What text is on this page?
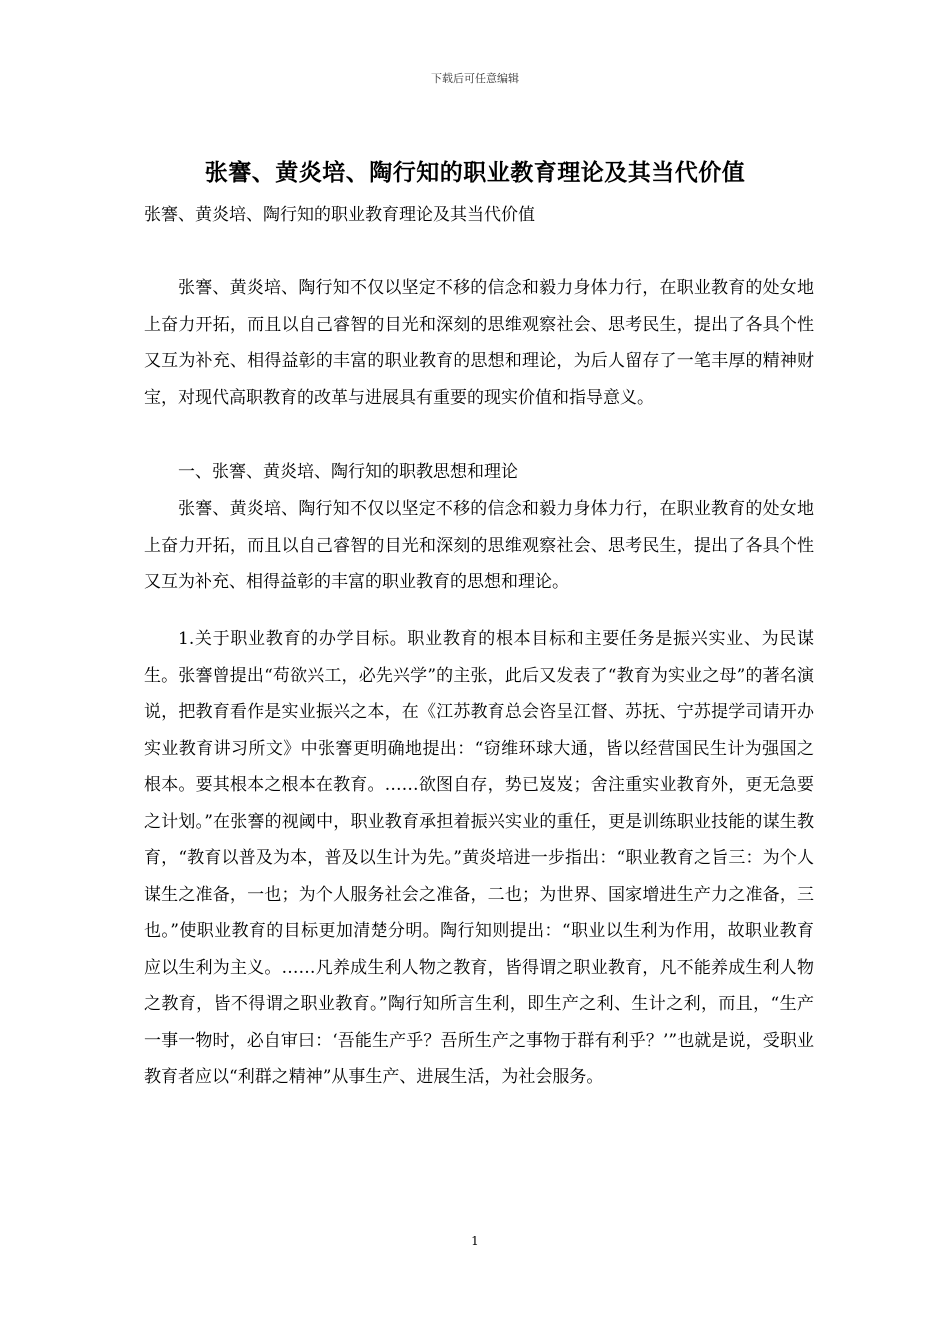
下载后可任意编辑
张謇、黄炎培、陶行知的职业教育理论及其当代价值
张謇、黄炎培、陶行知的职业教育理论及其当代价值

张謇、黄炎培、陶行知不仅以坚定不移的信念和毅力身体力行，在职业教育的处女地上奋力开拓，而且以自己睿智的目光和深刻的思维观察社会、思考民生，提出了各具个性又互为补充、相得益彰的丰富的职业教育的思想和理论，为后人留存了一笔丰厚的精神财宝，对现代高职教育的改革与进展具有重要的现实价值和指导意义。

一、张謇、黄炎培、陶行知的职教思想和理论

张謇、黄炎培、陶行知不仅以坚定不移的信念和毅力身体力行，在职业教育的处女地上奋力开拓，而且以自己睿智的目光和深刻的思维观察社会、思考民生，提出了各具个性又互为补充、相得益彰的丰富的职业教育的思想和理论。

1.关于职业教育的办学目标。职业教育的根本目标和主要任务是振兴实业、为民谋生。张謇曾提出“苟欲兴工，必先兴学”的主张，此后又发表了“教育为实业之母”的著名演说，把教育看作是实业振兴之本，在《江苏教育总会咨呈江督、苏抚、宁苏提学司请开办实业教育讲习所文》中张謇更明确地提出：“窃维环球大通，皆以经营国民生计为强国之根本。要其根本之根本在教育。……欲图自存，势已岌岌；舍注重实业教育外，更无急要之计划。”在张謇的视阈中，职业教育承担着振兴实业的重任，更是训练职业技能的谋生教育，“教育以普及为本，普及以生计为先。”黄炎培进一步指出：“职业教育之旨三：为个人谋生之准备，一也；为个人服务社会之准备，二也；为世界、国家增进生产力之准备，三也。”使职业教育的目标更加清楚分明。陶行知则提出：“职业以生利为作用，故职业教育应以生利为主义。……凡养成生利人物之教育，皆得谓之职业教育，凡不能养成生利人物之教育，皆不得谓之职业教育。”陶行知所言生利，即生产之利、生计之利，而且，“生产一事一物时，必自审曰：‘吾能生产乎？吾所生产之事物于群有利乎？’”也就是说，受职业教育者应以“利群之精神”从事生产、进展生活，为社会服务。

1
